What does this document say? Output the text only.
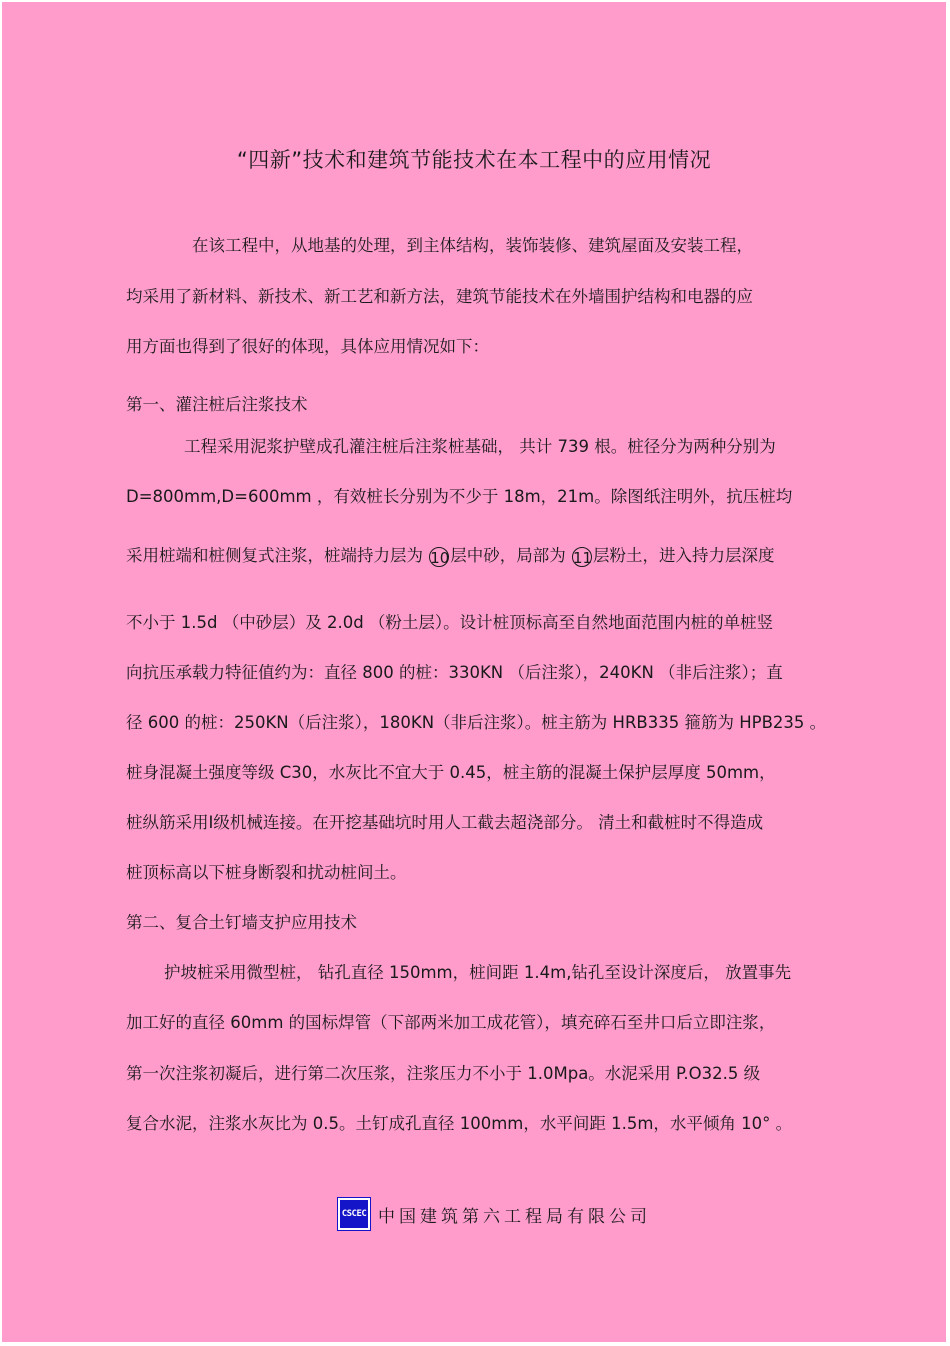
“四新”技术和建筑节能技术在本工程中的应用情况
在该工程中，从地基的处理，到主体结构，装饰装修、建筑屋面及安装工程，
均采用了新材料、新技术、新工艺和新方法，建筑节能技术在外墙围护结构和电器的应
用方面也得到了很好的体现，具体应用情况如下：
第一、灌注桩后注浆技术
工程采用泥浆护壁成孔灌注桩后注浆桩基础， 共计 739 根。桩径分为两种分别为
D=800mm,D=600mm ，有效桩长分别为不少于 18m，21m。除图纸注明外，抗压桩均
采用桩端和桩侧复式注浆，桩端持力层为 10层中砂，局部为 11层粉土，进入持力层深度
不小于 1.5d （中砂层）及 2.0d （粉土层）。设计桩顶标高至自然地面范围内桩的单桩竖
向抗压承载力特征值约为：直径 800 的桩：330KN （后注浆），240KN （非后注浆）；直
径 600 的桩：250KN（后注浆），180KN（非后注浆）。桩主筋为 HRB335 箍筋为 HPB235 。
桩身混凝土强度等级 C30，水灰比不宜大于 0.45，桩主筋的混凝土保护层厚度 50mm，
桩纵筋采用Ⅰ级机械连接。在开挖基础坑时用人工截去超浇部分。 清土和截桩时不得造成
桩顶标高以下桩身断裂和扰动桩间土。
第二、复合土钉墙支护应用技术
护坡桩采用微型桩， 钻孔直径 150mm，桩间距 1.4m,钻孔至设计深度后， 放置事先
加工好的直径 60mm 的国标焊管（下部两米加工成花管），填充碎石至井口后立即注浆，
第一次注浆初凝后，进行第二次压浆，注浆压力不小于 1.0Mpa。水泥采用 P.O32.5 级
复合水泥，注浆水灰比为 0.5。土钉成孔直径 100mm，水平间距 1.5m，水平倾角 10° 。
CSCEC 中国建筑第六工程局有限公司
